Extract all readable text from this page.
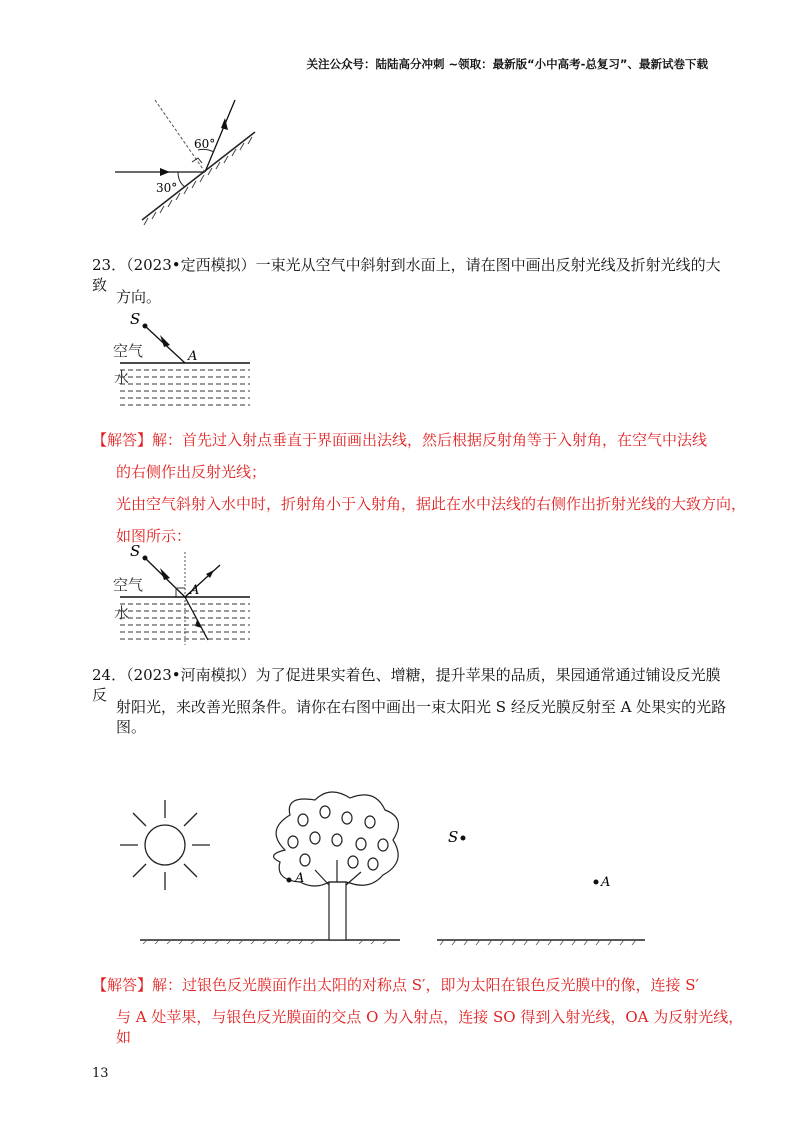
关注公众号：陆陆高分冲刺 ~领取：最新版“小中高考-总复习”、最新试卷下载
60°
30°
23．（2023•定西模拟）一束光从空气中斜射到水面上，请在图中画出反射光线及折射光线的大致
方向。
S
A
空气
水
【解答】解：首先过入射点垂直于界面画出法线，然后根据反射角等于入射角，在空气中法线
的右侧作出反射光线；
光由空气斜射入水中时，折射角小于入射角，据此在水中法线的右侧作出折射光线的大致方向，
如图所示：
S
A
空气
水
24．（2023•河南模拟）为了促进果实着色、增糖，提升苹果的品质，果园通常通过铺设反光膜反
射阳光，来改善光照条件。请你在右图中画出一束太阳光 S 经反光膜反射至 A 处果实的光路图。
A
S
A
【解答】解：过银色反光膜面作出太阳的对称点 S′，即为太阳在银色反光膜中的像，连接 S′
与 A 处苹果，与银色反光膜面的交点 O 为入射点，连接 SO 得到入射光线，OA 为反射光线，如
13
